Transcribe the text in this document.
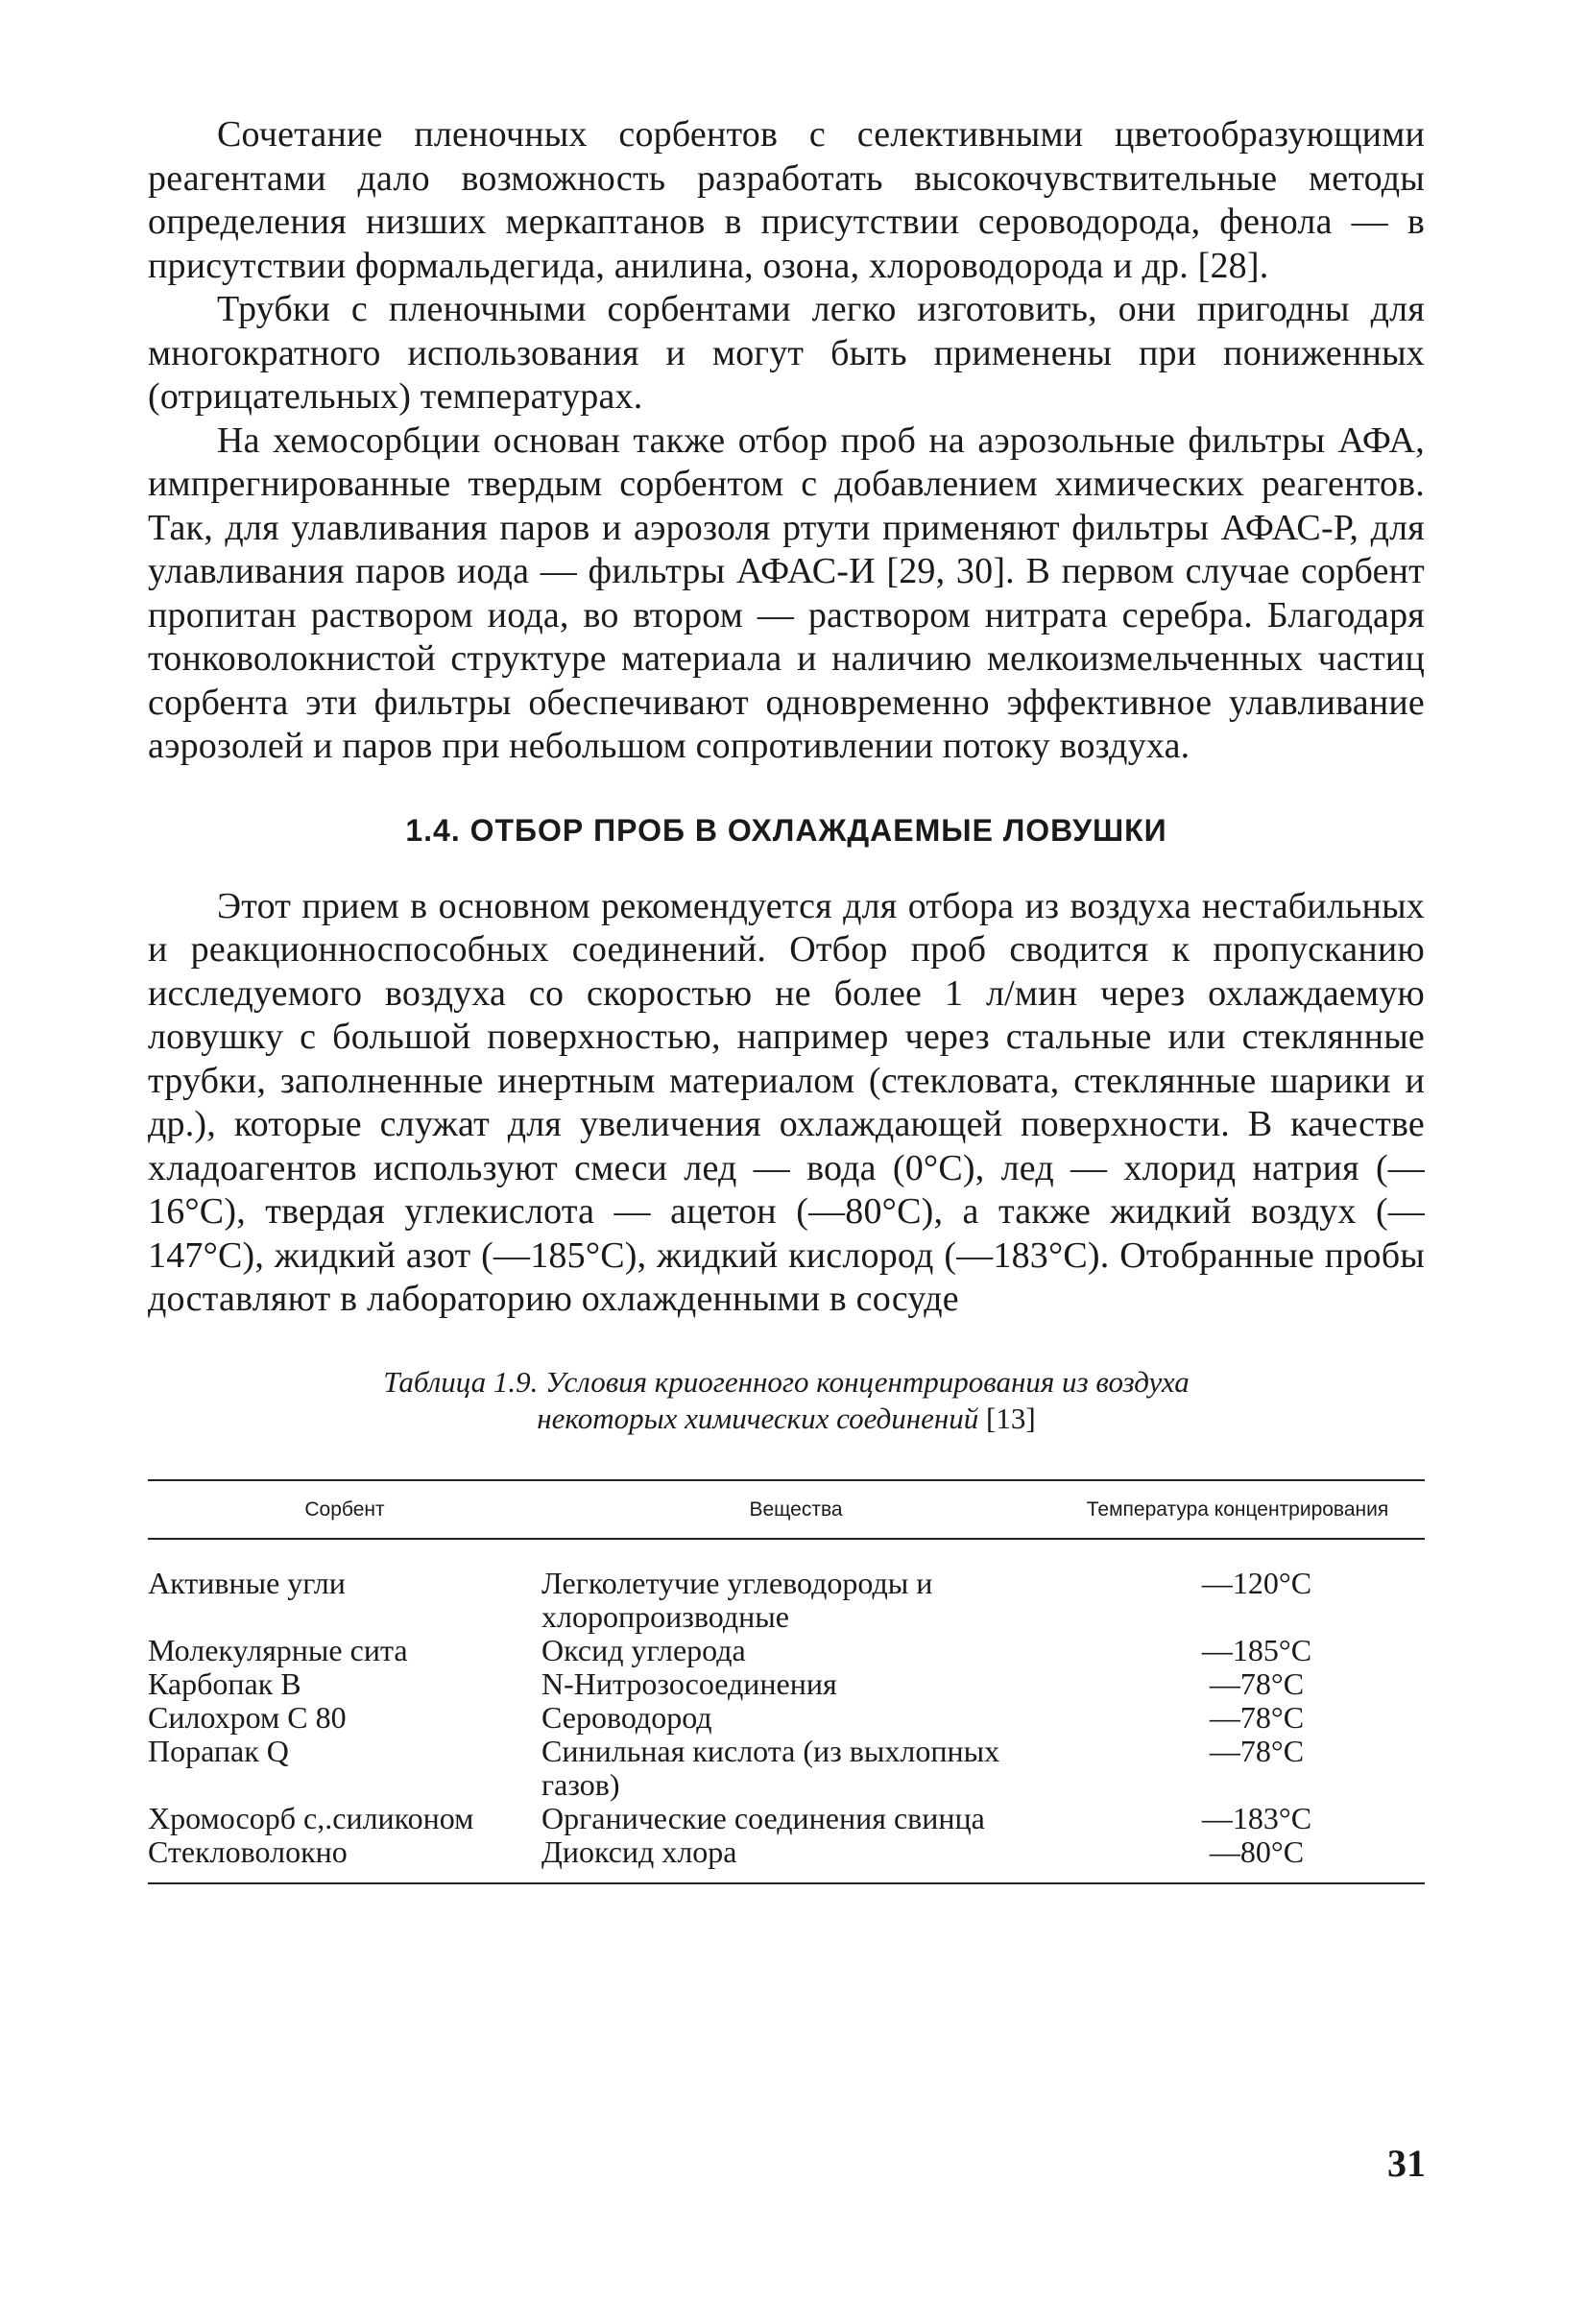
Сочетание пленочных сорбентов с селективными цветообразующими реагентами дало возможность разработать высокочувствительные методы определения низших меркаптанов в присутствии сероводорода, фенола — в присутствии формальдегида, анилина, озона, хлороводорода и др. [28].

Трубки с пленочными сорбентами легко изготовить, они пригодны для многократного использования и могут быть применены при пониженных (отрицательных) температурах.

На хемосорбции основан также отбор проб на аэрозольные фильтры АФА, импрегнированные твердым сорбентом с добавлением химических реагентов. Так, для улавливания паров и аэрозоля ртути применяют фильтры АФАС-Р, для улавливания паров иода — фильтры АФАС-И [29, 30]. В первом случае сорбент пропитан раствором иода, во втором — раствором нитрата серебра. Благодаря тонковолокнистой структуре материала и наличию мелкоизмельченных частиц сорбента эти фильтры обеспечивают одновременно эффективное улавливание аэрозолей и паров при небольшом сопротивлении потоку воздуха.

1.4. ОТБОР ПРОБ В ОХЛАЖДАЕМЫЕ ЛОВУШКИ

Этот прием в основном рекомендуется для отбора из воздуха нестабильных и реакционноспособных соединений. Отбор проб сводится к пропусканию исследуемого воздуха со скоростью не более 1 л/мин через охлаждаемую ловушку с большой поверхностью, например через стальные или стеклянные трубки, заполненные инертным материалом (стекловата, стеклянные шарики и др.), которые служат для увеличения охлаждающей поверхности. В качестве хладоагентов используют смеси лед — вода (0°С), лед — хлорид натрия (—16°С), твердая углекислота — ацетон (—80°С), а также жидкий воздух (—147°С), жидкий азот (—185°С), жидкий кислород (—183°С). Отобранные пробы доставляют в лабораторию охлажденными в сосуде

Таблица 1.9. Условия криогенного концентрирования из воздуха
некоторых химических соединений [13]
Сорбент	Вещества	Температура концентрирования
Активные угли	Легколетучие углеводороды и хлоропроизводные	—120°С
Молекулярные сита	Оксид углерода	—185°С
Карбопак В	N-Нитрозосоединения	—78°С
Силохром С 80	Сероводород	—78°С
Порапак Q	Синильная кислота (из выхлопных газов)	—78°С
Хромосорб с,.силиконом	Органические соединения свинца	—183°С
Стекловолокно	Диоксид хлора	—80°С
31
